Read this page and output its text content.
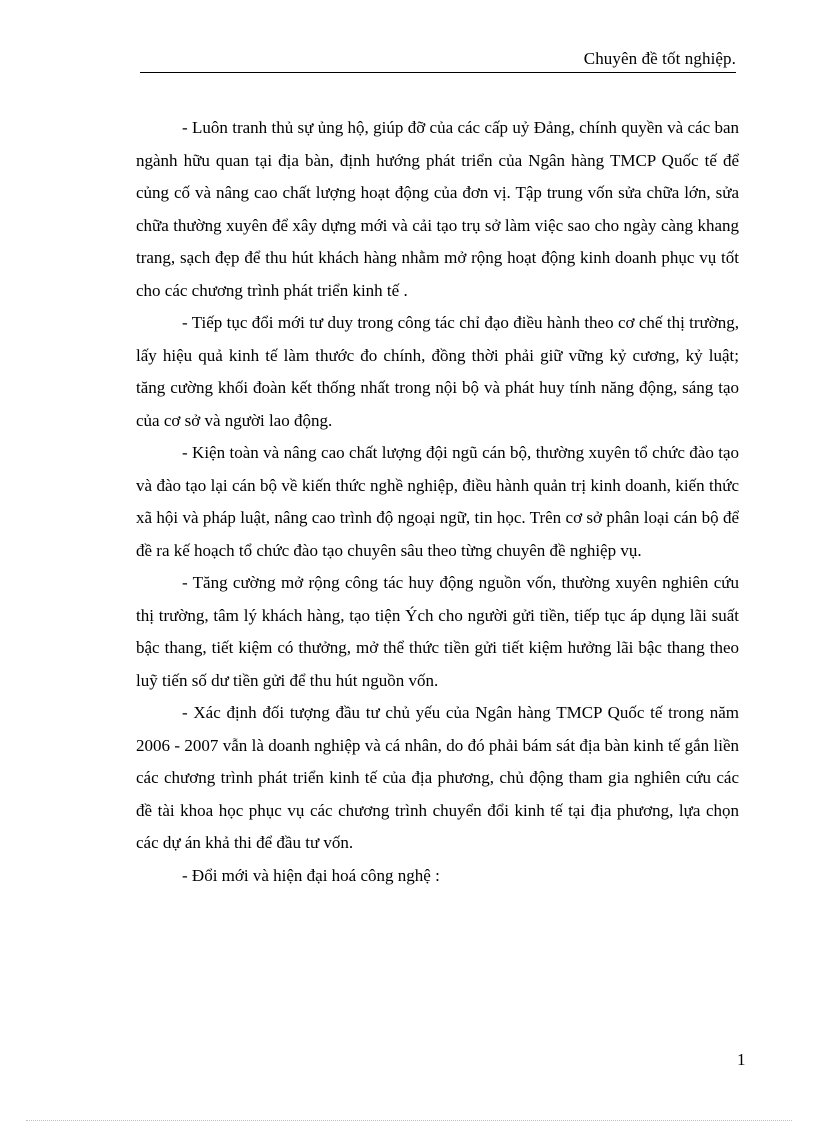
Chuyên đề tốt nghiệp.

- Luôn tranh thủ sự ủng hộ, giúp đỡ của các cấp uỷ Đảng, chính quyền và các ban ngành hữu quan tại địa bàn, định hướng phát triển của Ngân hàng TMCP Quốc tế để củng cố và nâng cao chất lượng hoạt động của đơn vị. Tập trung vốn sửa chữa lớn, sửa chữa thường xuyên để xây dựng mới và cải tạo trụ sở làm việc sao cho ngày càng khang trang, sạch đẹp để thu hút khách hàng nhằm mở rộng hoạt động kinh doanh phục vụ tốt cho các chương trình phát triển kinh tế .

- Tiếp tục đổi mới tư duy trong công tác chỉ đạo điều hành theo cơ chế thị trường, lấy hiệu quả kinh tế làm thước đo chính, đồng thời phải giữ vững kỷ cương, kỷ luật; tăng cường khối đoàn kết thống nhất trong nội bộ và phát huy tính năng động, sáng tạo của cơ sở và người lao động.

- Kiện toàn và nâng cao chất lượng đội ngũ cán bộ, thường xuyên tổ chức đào tạo và đào tạo lại cán bộ về kiến thức nghề nghiệp, điều hành quản trị kinh doanh, kiến thức xã hội và pháp luật, nâng cao trình độ ngoại ngữ, tin học. Trên cơ sở phân loại cán bộ để đề ra kế hoạch tổ chức đào tạo chuyên sâu theo từng chuyên đề nghiệp vụ.

- Tăng cường mở rộng công tác huy động nguồn vốn, thường xuyên nghiên cứu thị trường, tâm lý khách hàng, tạo tiện Ých cho người gửi tiền, tiếp tục áp dụng lãi suất bậc thang, tiết kiệm có thưởng, mở thể thức tiền gửi tiết kiệm hưởng lãi bậc thang theo luỹ tiến số dư tiền gửi để thu hút nguồn vốn.

- Xác định đối tượng đầu tư chủ yếu của Ngân hàng TMCP Quốc tế trong năm 2006 - 2007 vẫn là doanh nghiệp và cá nhân, do đó phải bám sát địa bàn kinh tế gắn liền các chương trình phát triển kinh tế của địa phương, chủ động tham gia nghiên cứu các đề tài khoa học phục vụ các chương trình chuyển đổi kinh tế tại địa phương, lựa chọn các dự án khả thi để đầu tư vốn.

- Đổi mới và hiện đại hoá công nghệ :

1
